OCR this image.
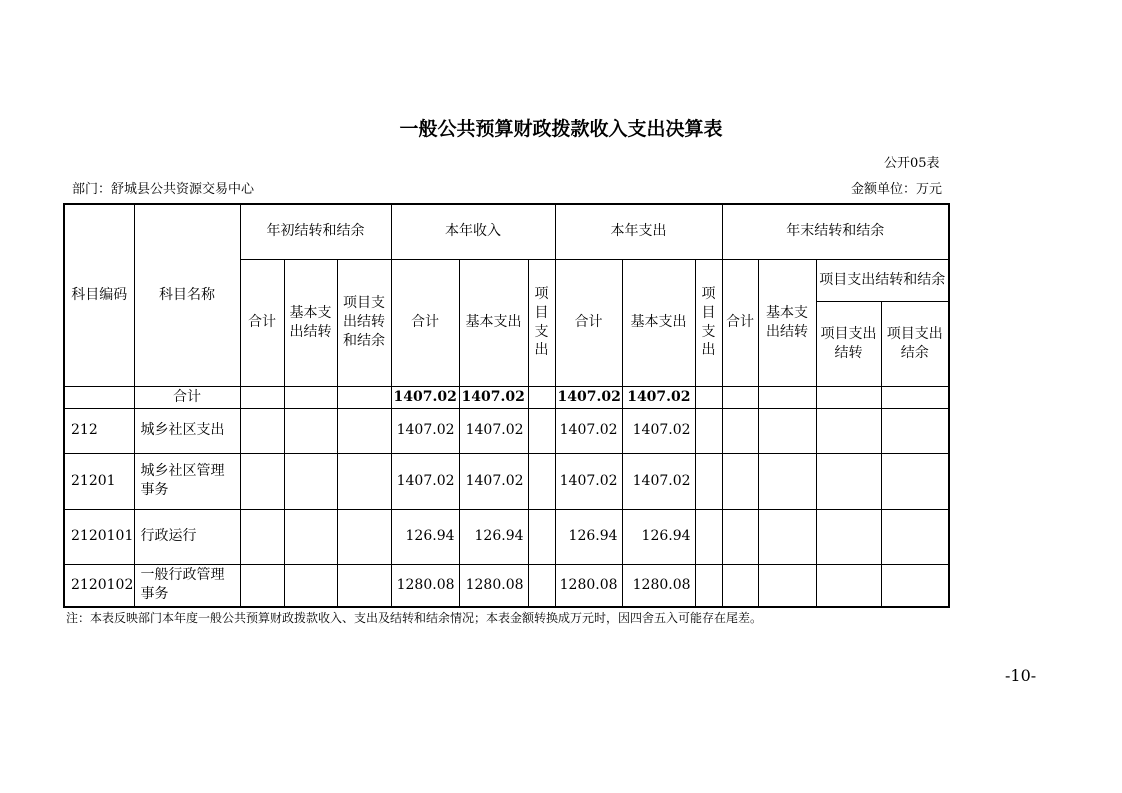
一般公共预算财政拨款收入支出决算表
公开05表
部门：舒城县公共资源交易中心	金额单位：万元
科目编码	科目名称	年初结转和结余			本年收入			本年支出			年末结转和结余			
		合计	基本支出结转	项目支出结转和结余	合计	基本支出	项目支出	合计	基本支出	项目支出	合计	基本支出结转	项目支出结转和结余	
													项目支出结转	项目支出结余
	合计				1407.02	1407.02		1407.02	1407.02					
212	城乡社区支出				1407.02	1407.02		1407.02	1407.02					
21201	城乡社区管理事务				1407.02	1407.02		1407.02	1407.02					
2120101	行政运行				126.94	126.94		126.94	126.94					
2120102	一般行政管理事务				1280.08	1280.08		1280.08	1280.08					
注：本表反映部门本年度一般公共预算财政拨款收入、支出及结转和结余情况；本表金额转换成万元时，因四舍五入可能存在尾差。
-10-
